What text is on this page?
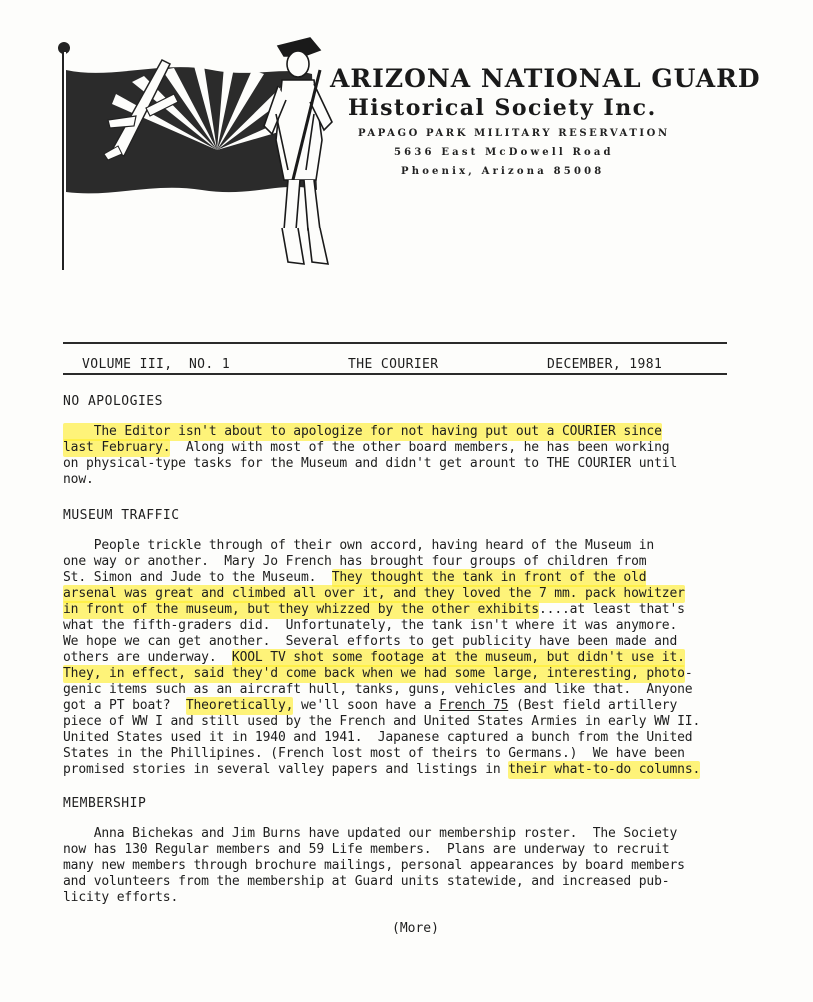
ARIZONA NATIONAL GUARD
Historical Society Inc.
PAPAGO PARK MILITARY RESERVATION
5636 East McDowell Road
Phoenix, Arizona 85008
VOLUME III,  NO. 1	THE COURIER	DECEMBER, 1981
NO APOLOGIES
The Editor isn't about to apologize for not having put out a COURIER since
last February.  Along with most of the other board members, he has been working
on physical-type tasks for the Museum and didn't get arount to THE COURIER until
now.
MUSEUM TRAFFIC
People trickle through of their own accord, having heard of the Museum in
one way or another.  Mary Jo French has brought four groups of children from
St. Simon and Jude to the Museum.  They thought the tank in front of the old
arsenal was great and climbed all over it, and they loved the 7 mm. pack howitzer
in front of the museum, but they whizzed by the other exhibits....at least that's
what the fifth-graders did.  Unfortunately, the tank isn't where it was anymore.
We hope we can get another.  Several efforts to get publicity have been made and
others are underway.  KOOL TV shot some footage at the museum, but didn't use it.
They, in effect, said they'd come back when we had some large, interesting, photo-
genic items such as an aircraft hull, tanks, guns, vehicles and like that.  Anyone
got a PT boat?  Theoretically, we'll soon have a French 75 (Best field artillery
piece of WW I and still used by the French and United States Armies in early WW II.
United States used it in 1940 and 1941.  Japanese captured a bunch from the United
States in the Phillipines. (French lost most of theirs to Germans.)  We have been
promised stories in several valley papers and listings in their what-to-do columns.
MEMBERSHIP
Anna Bichekas and Jim Burns have updated our membership roster.  The Society
now has 130 Regular members and 59 Life members.  Plans are underway to recruit
many new members through brochure mailings, personal appearances by board members
and volunteers from the membership at Guard units statewide, and increased pub-
licity efforts.
(More)
